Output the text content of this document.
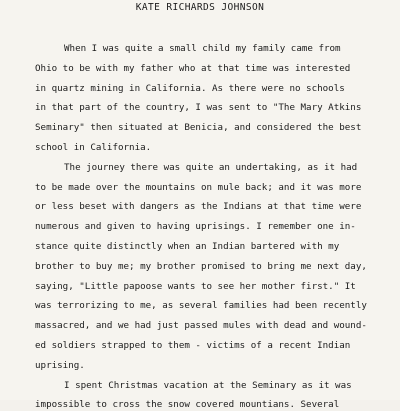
KATE RICHARDS JOHNSON
When I was quite a small child my family came from
Ohio to be with my father who at that time was interested
in quartz mining in California. As there were no schools
in that part of the country, I was sent to "The Mary Atkins
Seminary" then situated at Benicia, and considered the best
school in California.
The journey there was quite an undertaking, as it had
to be made over the mountains on mule back; and it was more
or less beset with dangers as the Indians at that time were
numerous and given to having uprisings. I remember one in-
stance quite distinctly when an Indian bartered with my
brother to buy me; my brother promised to bring me next day,
saying, "Little papoose wants to see her mother first." It
was terrorizing to me, as several families had been recently
massacred, and we had just passed mules with dead and wound-
ed soldiers strapped to them - victims of a recent Indian
uprising.
I spent Christmas vacation at the Seminary as it was
impossible to cross the snow covered mountians. Several
